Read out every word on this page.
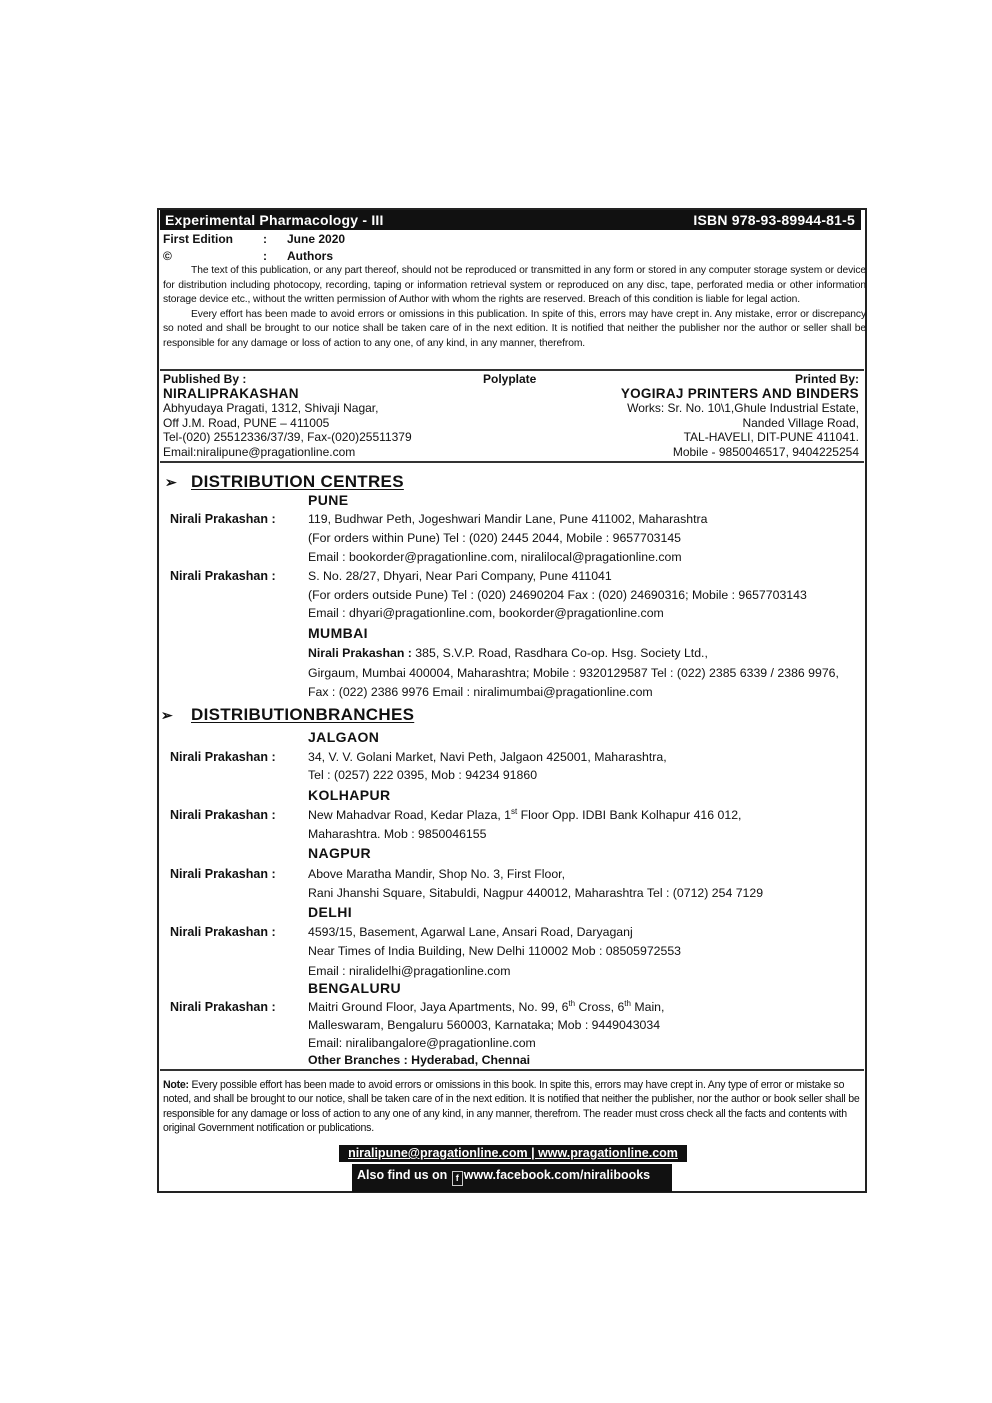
Experimental Pharmacology - III	ISBN 978-93-89944-81-5
First Edition	: June 2020
©	: Authors

The text of this publication, or any part thereof, should not be reproduced or transmitted in any form or stored in any computer storage system or device for distribution including photocopy, recording, taping or information retrieval system or reproduced on any disc, tape, perforated media or other information storage device etc., without the written permission of Author with whom the rights are reserved. Breach of this condition is liable for legal action.

Every effort has been made to avoid errors or omissions in this publication. In spite of this, errors may have crept in. Any mistake, error or discrepancy so noted and shall be brought to our notice shall be taken care of in the next edition. It is notified that neither the publisher nor the author or seller shall be responsible for any damage or loss of action to any one, of any kind, in any manner, therefrom.

Published By :
NIRALIPRAKASHAN
Abhyudaya Pragati, 1312, Shivaji Nagar,
Off J.M. Road, PUNE – 411005
Tel-(020) 25512336/37/39, Fax-(020)25511379
Email:niralipune@pragationline.com
Polyplate	Printed By:
YOGIRAJ PRINTERS AND BINDERS
Works: Sr. No. 10\1,Ghule Industrial Estate,
Nanded Village Road,
TAL-HAVELI, DIT-PUNE 411041.
Mobile - 9850046517, 9404225254
➢ DISTRIBUTION CENTRES
PUNE
Nirali Prakashan :	119, Budhwar Peth, Jogeshwari Mandir Lane, Pune 411002, Maharashtra
(For orders within Pune) Tel : (020) 2445 2044, Mobile : 9657703145
Email : bookorder@pragationline.com, niralilocal@pragationline.com
Nirali Prakashan :	S. No. 28/27, Dhyari, Near Pari Company, Pune 411041
(For orders outside Pune) Tel : (020) 24690204 Fax : (020) 24690316; Mobile : 9657703143
Email : dhyari@pragationline.com, bookorder@pragationline.com
MUMBAI
Nirali Prakashan : 385, S.V.P. Road, Rasdhara Co-op. Hsg. Society Ltd.,
Girgaum, Mumbai 400004, Maharashtra; Mobile : 9320129587 Tel : (022) 2385 6339 / 2386 9976,
Fax : (022) 2386 9976 Email : niralimumbai@pragationline.com
➢ DISTRIBUTIONBRANCHES
JALGAON
Nirali Prakashan :	34, V. V. Golani Market, Navi Peth, Jalgaon 425001, Maharashtra,
Tel : (0257) 222 0395, Mob : 94234 91860
KOLHAPUR
Nirali Prakashan :	New Mahadvar Road, Kedar Plaza, 1st Floor Opp. IDBI Bank Kolhapur 416 012,
Maharashtra. Mob : 9850046155
NAGPUR
Nirali Prakashan :	Above Maratha Mandir, Shop No. 3, First Floor,
Rani Jhanshi Square, Sitabuldi, Nagpur 440012, Maharashtra Tel : (0712) 254 7129
DELHI
Nirali Prakashan :	4593/15, Basement, Agarwal Lane, Ansari Road, Daryaganj
Near Times of India Building, New Delhi 110002 Mob : 08505972553
Email : niralidelhi@pragationline.com
BENGALURU
Nirali Prakashan :	Maitri Ground Floor, Jaya Apartments, No. 99, 6th Cross, 6th Main,
Malleswaram, Bengaluru 560003, Karnataka; Mob : 9449043034
Email: niralibangalore@pragationline.com
Other Branches : Hyderabad, Chennai
Note: Every possible effort has been made to avoid errors or omissions in this book. In spite this, errors may have crept in. Any type of error or mistake so noted, and shall be brought to our notice, shall be taken care of in the next edition. It is notified that neither the publisher, nor the author or book seller shall be responsible for any damage or loss of action to any one of any kind, in any manner, therefrom. The reader must cross check all the facts and contents with original Government notification or publications.
niralipune@pragationline.com | www.pragationline.com
Also find us on f www.facebook.com/niralibooks
